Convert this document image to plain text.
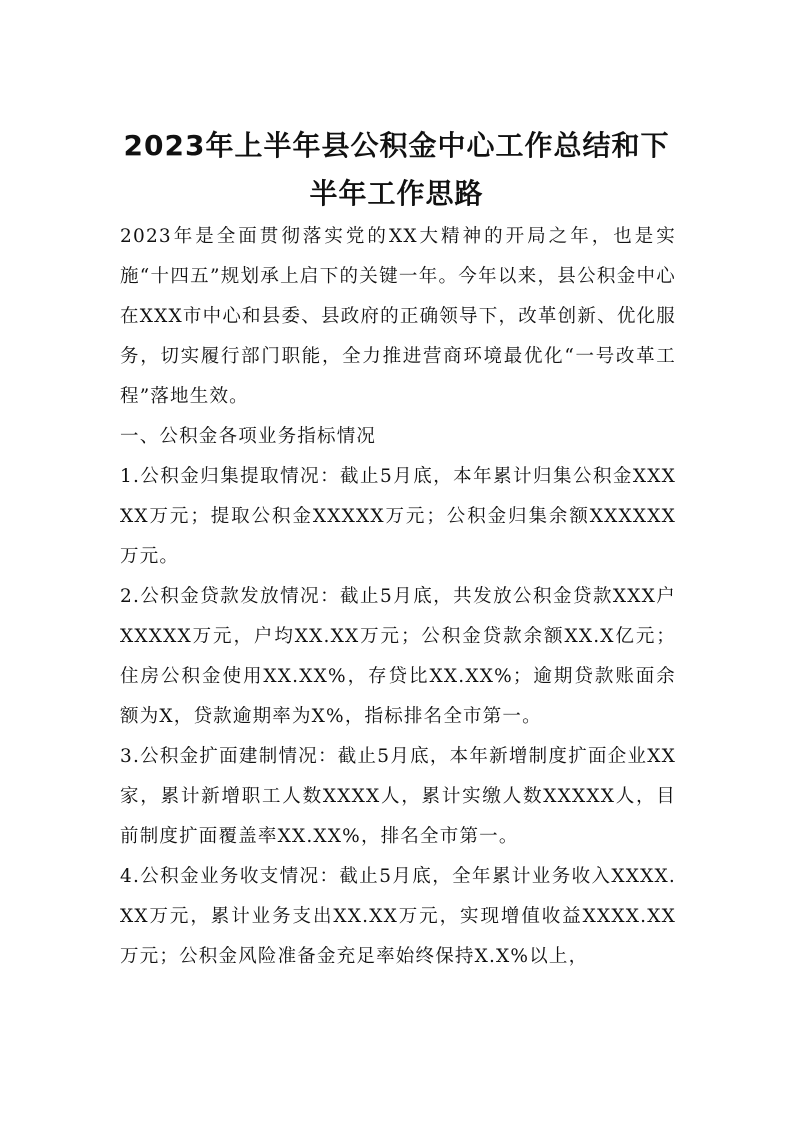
2023年上半年县公积金中心工作总结和下
半年工作思路

2023年是全面贯彻落实党的XX大精神的开局之年，也是实施“十四五”规划承上启下的关键一年。今年以来，县公积金中心在XXX市中心和县委、县政府的正确领导下，改革创新、优化服务，切实履行部门职能，全力推进营商环境最优化“一号改革工程”落地生效。

一、公积金各项业务指标情况

1.公积金归集提取情况：截止5月底，本年累计归集公积金XXXXX万元；提取公积金XXXXX万元；公积金归集余额XXXXXX万元。

2.公积金贷款发放情况：截止5月底，共发放公积金贷款XXX户XXXXX万元，户均XX.XX万元；公积金贷款余额XX.X亿元；住房公积金使用XX.XX%，存贷比XX.XX%；逾期贷款账面余额为X，贷款逾期率为X%，指标排名全市第一。

3.公积金扩面建制情况：截止5月底，本年新增制度扩面企业XX家，累计新增职工人数XXXX人，累计实缴人数XXXXX人，目前制度扩面覆盖率XX.XX%，排名全市第一。

4.公积金业务收支情况：截止5月底，全年累计业务收入XXXX.XX万元，累计业务支出XX.XX万元，实现增值收益XXXX.XX万元；公积金风险准备金充足率始终保持X.X%以上，
